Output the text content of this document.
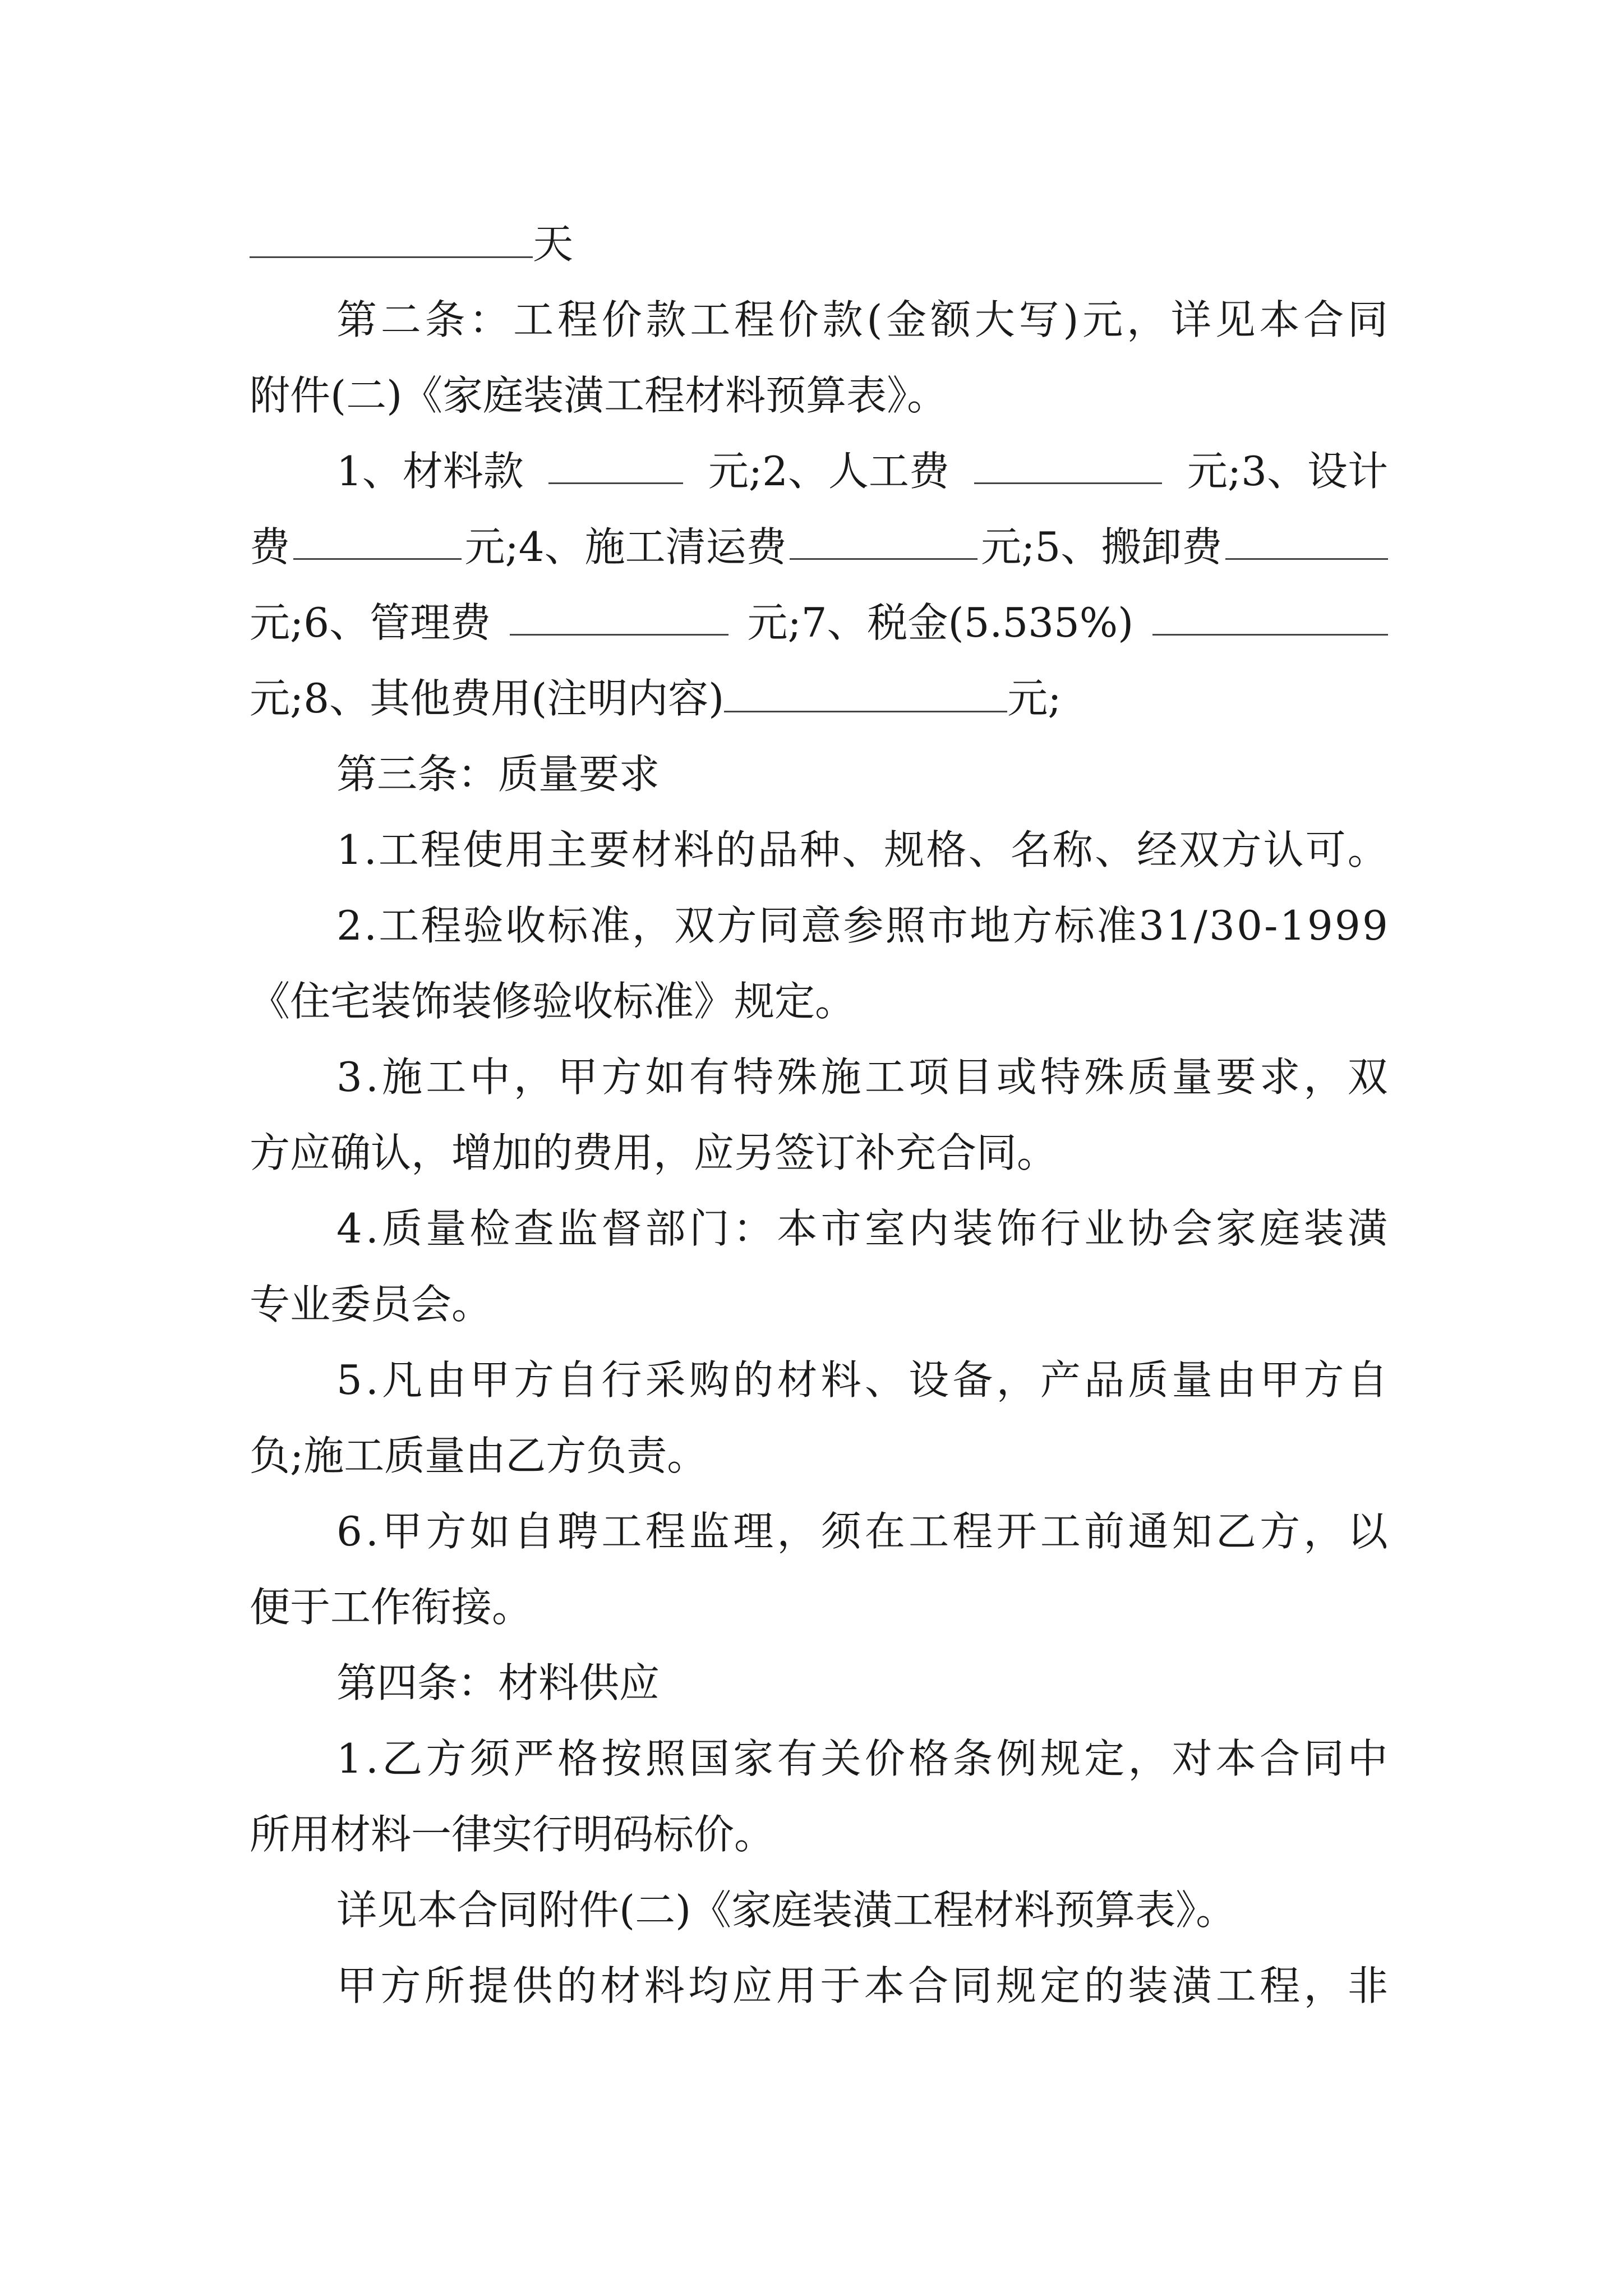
天
第 二 条 ： 工 程 价 款 工 程 价 款 ( 金 额 大 写 ) 元 ， 详 见 本 合 同
附件(二)《家庭装潢工程材料预算表》。
1、材料款	元;2、人工费	元;3、设计
费	元;4、施工清运费	元;5、搬卸费
元;6、管理费	元;7、税金(5.535%)
元;8、其他费用(注明内容)	元;
第三条：质量要求
1 . 工 程 使 用 主 要 材 料 的 品 种 、 规 格 、 名 称 、 经 双 方 认 可 。
2 . 工 程 验 收 标 准 ， 双 方 同 意 参 照 市 地 方 标 准 3 1 / 3 0 - 1 9 9 9
《住宅装饰装修验收标准》规定。
3 . 施 工 中 ， 甲 方 如 有 特 殊 施 工 项 目 或 特 殊 质 量 要 求 ， 双
方应确认，增加的费用，应另签订补充合同。
4 . 质 量 检 查 监 督 部 门 ： 本 市 室 内 装 饰 行 业 协 会 家 庭 装 潢
专业委员会。
5 . 凡 由 甲 方 自 行 采 购 的 材 料 、 设 备 ， 产 品 质 量 由 甲 方 自
负;施工质量由乙方负责。
6 . 甲 方 如 自 聘 工 程 监 理 ， 须 在 工 程 开 工 前 通 知 乙 方 ， 以
便于工作衔接。
第四条：材料供应
1 . 乙 方 须 严 格 按 照 国 家 有 关 价 格 条 例 规 定 ， 对 本 合 同 中
所用材料一律实行明码标价。
详见本合同附件(二)《家庭装潢工程材料预算表》。
甲 方 所 提 供 的 材 料 均 应 用 于 本 合 同 规 定 的 装 潢 工 程 ， 非
